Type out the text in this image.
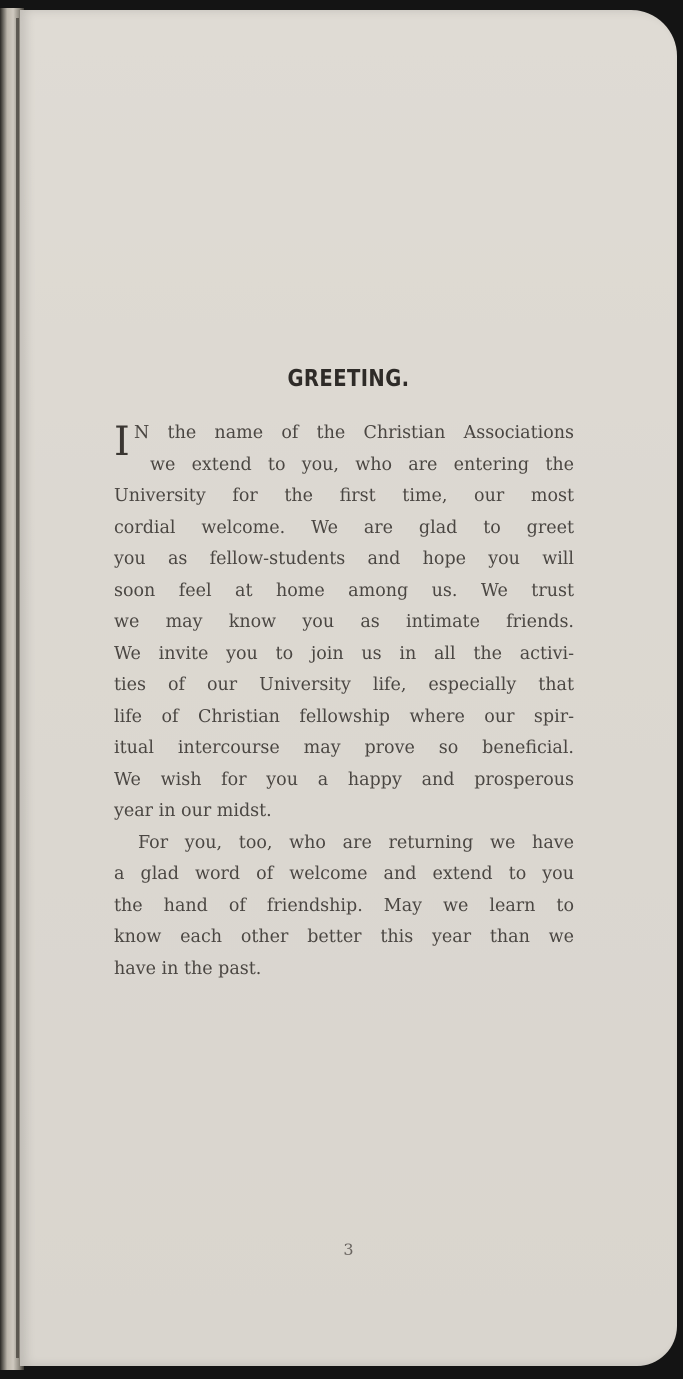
GREETING.
I N the name of the Christian Associations
we extend to you, who are entering the
University for the first time, our most
cordial welcome. We are glad to greet
you as fellow-students and hope you will
soon feel at home among us. We trust
we may know you as intimate friends.
We invite you to join us in all the activi-
ties of our University life, especially that
life of Christian fellowship where our spir-
itual intercourse may prove so beneficial.
We wish for you a happy and prosperous
year in our midst.
For you, too, who are returning we have
a glad word of welcome and extend to you
the hand of friendship. May we learn to
know each other better this year than we
have in the past.
3
